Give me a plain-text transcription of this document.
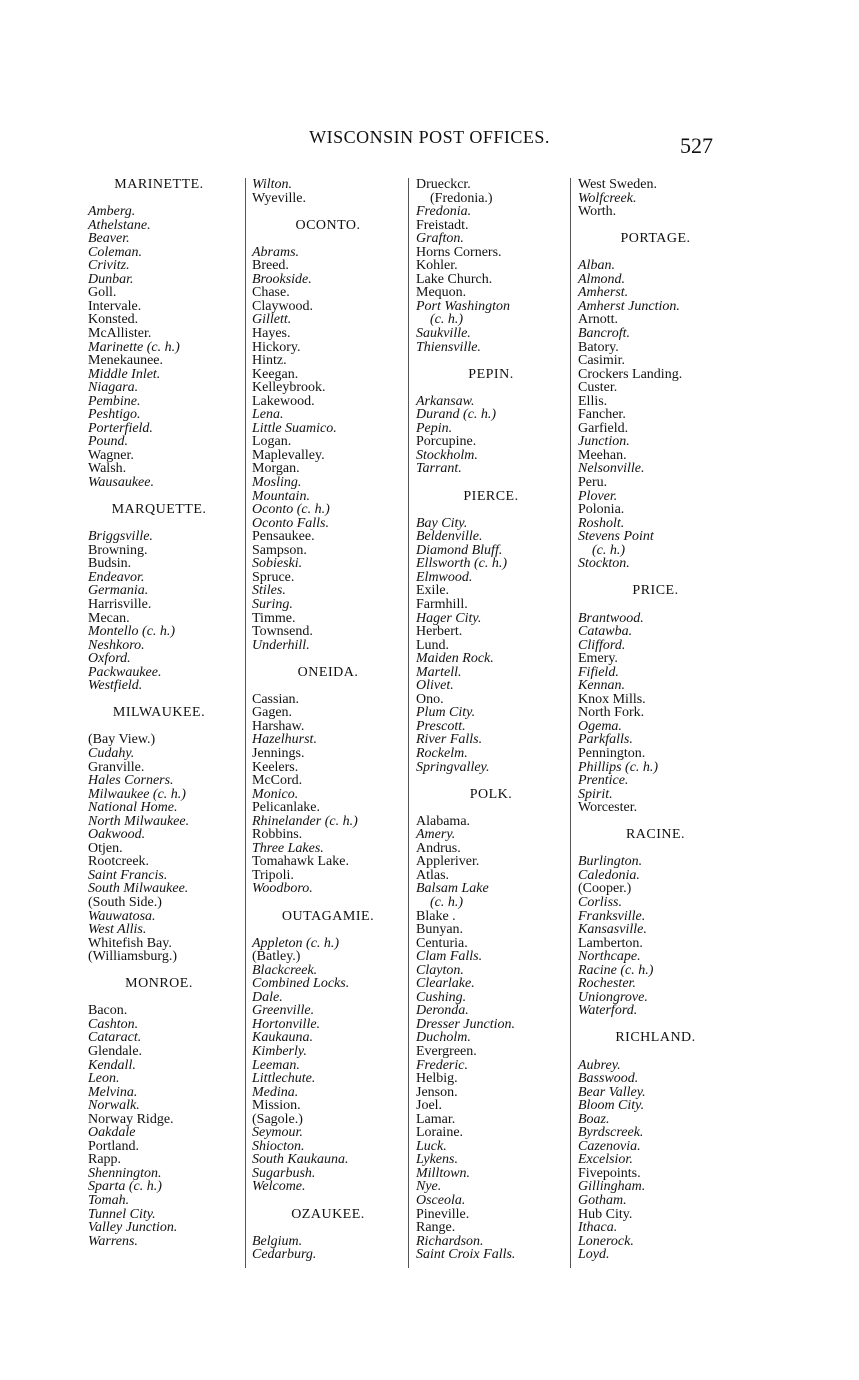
WISCONSIN POST OFFICES.	527
MARINETTE.
Amberg.
Athelstane.
Beaver.
Coleman.
Crivitz.
Dunbar.
Goll.
Intervale.
Konsted.
McAllister.
Marinette (c. h.)
Menekaunee.
Middle Inlet.
Niagara.
Pembine.
Peshtigo.
Porterfield.
Pound.
Wagner.
Walsh.
Wausaukee.
MARQUETTE.
Briggsville.
Browning.
Budsin.
Endeavor.
Germania.
Harrisville.
Mecan.
Montello (c. h.)
Neshkoro.
Oxford.
Packwaukee.
Westfield.
MILWAUKEE.
(Bay View.)
Cudahy.
Granville.
Hales Corners.
Milwaukee (c. h.)
National Home.
North Milwaukee.
Oakwood.
Otjen.
Rootcreek.
Saint Francis.
South Milwaukee.
(South Side.)
Wauwatosa.
West Allis.
Whitefish Bay.
(Williamsburg.)
MONROE.
Bacon.
Cashton.
Cataract.
Glendale.
Kendall.
Leon.
Melvina.
Norwalk.
Norway Ridge.
Oakdale
Portland.
Rapp.
Shennington.
Sparta (c. h.)
Tomah.
Tunnel City.
Valley Junction.
Warrens.
Wilton.
Wyeville.
OCONTO.
Abrams.
Breed.
Brookside.
Chase.
Claywood.
Gillett.
Hayes.
Hickory.
Hintz.
Keegan.
Kelleybrook.
Lakewood.
Lena.
Little Suamico.
Logan.
Maplevalley.
Morgan.
Mosling.
Mountain.
Oconto (c. h.)
Oconto Falls.
Pensaukee.
Sampson.
Sobieski.
Spruce.
Stiles.
Suring.
Timme.
Townsend.
Underhill.
ONEIDA.
Cassian.
Gagen.
Harshaw.
Hazelhurst.
Jennings.
Keelers.
McCord.
Monico.
Pelicanlake.
Rhinelander (c. h.)
Robbins.
Three Lakes.
Tomahawk Lake.
Tripoli.
Woodboro.
OUTAGAMIE.
Appleton (c. h.)
(Batley.)
Blackcreek.
Combined Locks.
Dale.
Greenville.
Hortonville.
Kaukauna.
Kimberly.
Leeman.
Littlechute.
Medina.
Mission.
(Sagole.)
Seymour.
Shiocton.
South Kaukauna.
Sugarbush.
Welcome.
OZAUKEE.
Belgium.
Cedarburg.
Drueckcr.
(Fredonia.)
Fredonia.
Freistadt.
Grafton.
Horns Corners.
Kohler.
Lake Church.
Mequon.
Port Washington
(c. h.)
Saukville.
Thiensville.
PEPIN.
Arkansaw.
Durand (c. h.)
Pepin.
Porcupine.
Stockholm.
Tarrant.
PIERCE.
Bay City.
Beldenville.
Diamond Bluff.
Ellsworth (c. h.)
Elmwood.
Exile.
Farmhill.
Hager City.
Herbert.
Lund.
Maiden Rock.
Martell.
Olivet.
Ono.
Plum City.
Prescott.
River Falls.
Rockelm.
Springvalley.
POLK.
Alabama.
Amery.
Andrus.
Appleriver.
Atlas.
Balsam Lake
(c. h.)
Blake .
Bunyan.
Centuria.
Clam Falls.
Clayton.
Clearlake.
Cushing.
Deronda.
Dresser Junction.
Ducholm.
Evergreen.
Frederic.
Helbig.
Jenson.
Joel.
Lamar.
Loraine.
Luck.
Lykens.
Milltown.
Nye.
Osceola.
Pineville.
Range.
Richardson.
Saint Croix Falls.
West Sweden.
Wolfcreek.
Worth.
PORTAGE.
Alban.
Almond.
Amherst.
Amherst Junction.
Arnott.
Bancroft.
Batory.
Casimir.
Crockers Landing.
Custer.
Ellis.
Fancher.
Garfield.
Junction.
Meehan.
Nelsonville.
Peru.
Plover.
Polonia.
Rosholt.
Stevens Point
(c. h.)
Stockton.
PRICE.
Brantwood.
Catawba.
Clifford.
Emery.
Fifield.
Kennan.
Knox Mills.
North Fork.
Ogema.
Parkfalls.
Pennington.
Phillips (c. h.)
Prentice.
Spirit.
Worcester.
RACINE.
Burlington.
Caledonia.
(Cooper.)
Corliss.
Franksville.
Kansasville.
Lamberton.
Northcape.
Racine (c. h.)
Rochester.
Uniongrove.
Waterford.
RICHLAND.
Aubrey.
Basswood.
Bear Valley.
Bloom City.
Boaz.
Byrdscreek.
Cazenovia.
Excelsior.
Fivepoints.
Gillingham.
Gotham.
Hub City.
Ithaca.
Lonerock.
Loyd.
